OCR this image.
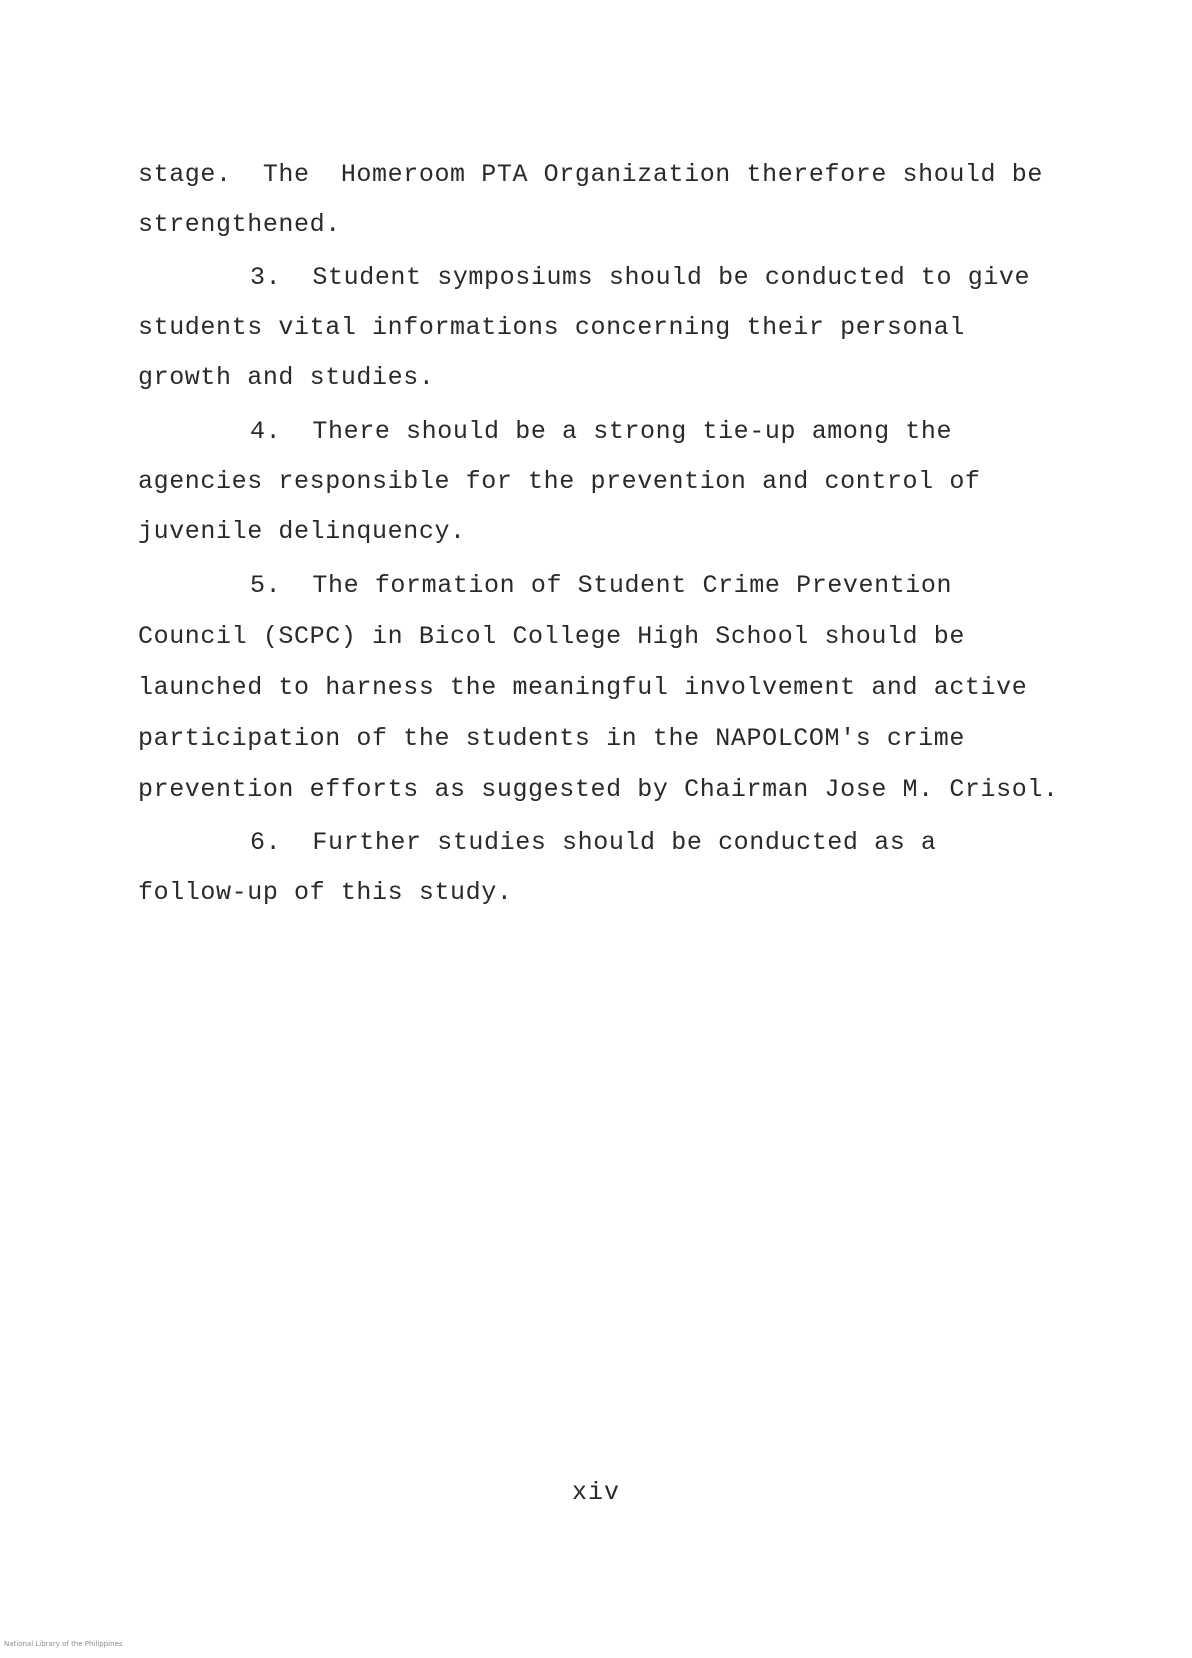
stage.  The  Homeroom PTA Organization therefore should be
strengthened.
3.  Student symposiums should be conducted to give
students vital informations concerning their personal
growth and studies.
4.  There should be a strong tie-up among the
agencies responsible for the prevention and control of
juvenile delinquency.
5.  The formation of Student Crime Prevention
Council (SCPC) in Bicol College High School should be
launched to harness the meaningful involvement and active
participation of the students in the NAPOLCOM's crime
prevention efforts as suggested by Chairman Jose M. Crisol.
6.  Further studies should be conducted as a
follow-up of this study.
xiv
National Library of the Philippines
